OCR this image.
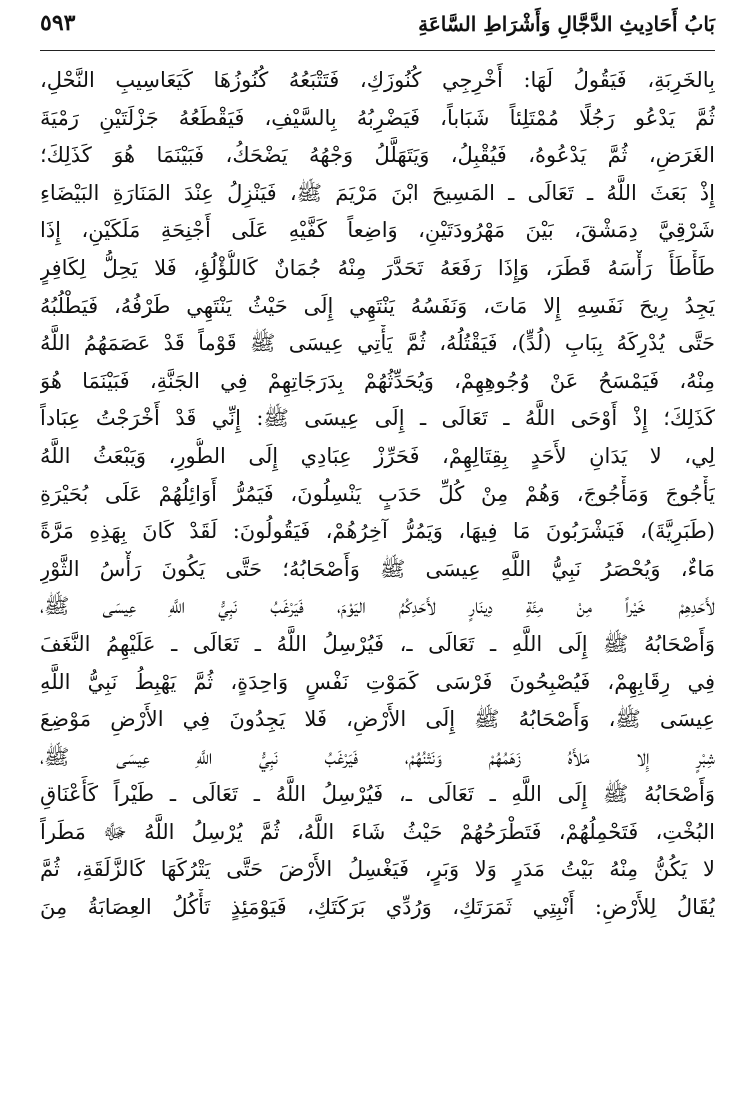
بَابُ أَحَادِيثِ الدَّجَّالِ وَأَشْرَاطِ السَّاعَةِ
٥٩٣
بِالخَرِبَةِ، فَيَقُولُ لَهَا: أَخْرِجِي كُنُوزَكِ، فَتَتْبَعُهُ كُنُوزُهَا كَيَعَاسِيبِ النَّحْلِ،
ثُمَّ يَدْعُو رَجُلًا مُمْتَلِئاً شَبَاباً، فَيَضْرِبُهُ بِالسَّيْفِ، فَيَقْطَعُهُ جَزْلَتَيْنِ رَمْيَةَ
الغَرَضِ، ثُمَّ يَدْعُوهُ، فَيُقْبِلُ، وَيَتَهَلَّلُ وَجْهُهُ يَضْحَكُ، فَبَيْنَمَا هُوَ كَذَلِكَ؛
إِذْ بَعَثَ اللَّهُ ـ تَعَالَى ـ المَسِيحَ ابْنَ مَرْيَمَ ﷺ، فَيَنْزِلُ عِنْدَ المَنَارَةِ البَيْضَاءِ
شَرْقِيَّ دِمَشْقَ، بَيْنَ مَهْرُودَتَيْنِ، وَاضِعاً كَفَّيْهِ عَلَى أَجْنِحَةِ مَلَكَيْنِ، إِذَا
طَأْطَأَ رَأْسَهُ قَطَرَ، وَإِذَا رَفَعَهُ تَحَدَّرَ مِنْهُ جُمَانٌ كَاللُّؤْلُؤِ، فَلا يَحِلُّ لِكَافِرٍ
يَجِدُ رِيحَ نَفَسِهِ إِلا مَاتَ، وَنَفَسُهُ يَنْتَهِي إِلَى حَيْثُ يَنْتَهِي طَرْفُهُ، فَيَطْلُبُهُ
حَتَّى يُدْرِكَهُ بِبَابِ (لُدٍّ)، فَيَقْتُلُهُ، ثُمَّ يَأْتِي عِيسَى ﷺ قَوْماً قَدْ عَصَمَهُمُ اللَّهُ
مِنْهُ، فَيَمْسَحُ عَنْ وُجُوهِهِمْ، وَيُحَدِّثُهُمْ بِدَرَجَاتِهِمْ فِي الجَنَّةِ، فَبَيْنَمَا هُوَ
كَذَلِكَ؛ إِذْ أَوْحَى اللَّهُ ـ تَعَالَى ـ إِلَى عِيسَى ﷺ: إِنِّي قَدْ أَخْرَجْتُ عِبَاداً
لِي، لا يَدَانِ لأَحَدٍ بِقِتَالِهِمْ، فَحَرِّزْ عِبَادِي إِلَى الطُّورِ، وَيَبْعَثُ اللَّهُ
يَأْجُوجَ وَمَأْجُوجَ، وَهُمْ مِنْ كُلِّ حَدَبٍ يَنْسِلُونَ، فَيَمُرُّ أَوَائِلُهُمْ عَلَى بُحَيْرَةِ
(طَبَرِيَّةَ)، فَيَشْرَبُونَ مَا فِيهَا، وَيَمُرُّ آخِرُهُمْ، فَيَقُولُونَ: لَقَدْ كَانَ بِهَذِهِ مَرَّةً
مَاءٌ، وَيُحْصَرُ نَبِيُّ اللَّهِ عِيسَى ﷺ وَأَصْحَابُهُ؛ حَتَّى يَكُونَ رَأْسُ الثَّوْرِ
لأَحَدِهِمْ خَيْراً مِنْ مِئَةِ دِينَارٍ لأَحَدِكُمُ اليَوْمَ، فَيَرْغَبُ نَبِيُّ اللَّهِ عِيسَى ﷺ،
وَأَصْحَابُهُ ﷺ إِلَى اللَّهِ ـ تَعَالَى ـ، فَيُرْسِلُ اللَّهُ ـ تَعَالَى ـ عَلَيْهِمُ النَّغَفَ
فِي رِقَابِهِمْ، فَيُصْبِحُونَ فَرْسَى كَمَوْتِ نَفْسٍ وَاحِدَةٍ، ثُمَّ يَهْبِطُ نَبِيُّ اللَّهِ
عِيسَى ﷺ، وَأَصْحَابُهُ ﷺ إِلَى الأَرْضِ، فَلا يَجِدُونَ فِي الأَرْضِ مَوْضِعَ
شِبْرٍ إِلا مَلأَهُ زَهَمُهُمْ وَنَتْنُهُمْ، فَيَرْغَبُ نَبِيُّ اللَّهِ عِيسَى ﷺ،
وَأَصْحَابُهُ ﷺ إِلَى اللَّهِ ـ تَعَالَى ـ، فَيُرْسِلُ اللَّهُ ـ تَعَالَى ـ طَيْراً كَأَعْنَاقِ
البُخْتِ، فَتَحْمِلُهُمْ، فَتَطْرَحُهُمْ حَيْثُ شَاءَ اللَّهُ، ثُمَّ يُرْسِلُ اللَّهُ ﷻ مَطَراً
لا يَكُنُّ مِنْهُ بَيْتُ مَدَرٍ وَلا وَبَرٍ، فَيَغْسِلُ الأَرْضَ حَتَّى يَتْرُكَهَا كَالزَّلَقَةِ، ثُمَّ
يُقَالُ لِلأَرْضِ: أَنْبِتِي ثَمَرَتَكِ، وَرُدِّي بَرَكَتَكِ، فَيَوْمَئِذٍ تَأْكُلُ العِصَابَةُ مِنَ
